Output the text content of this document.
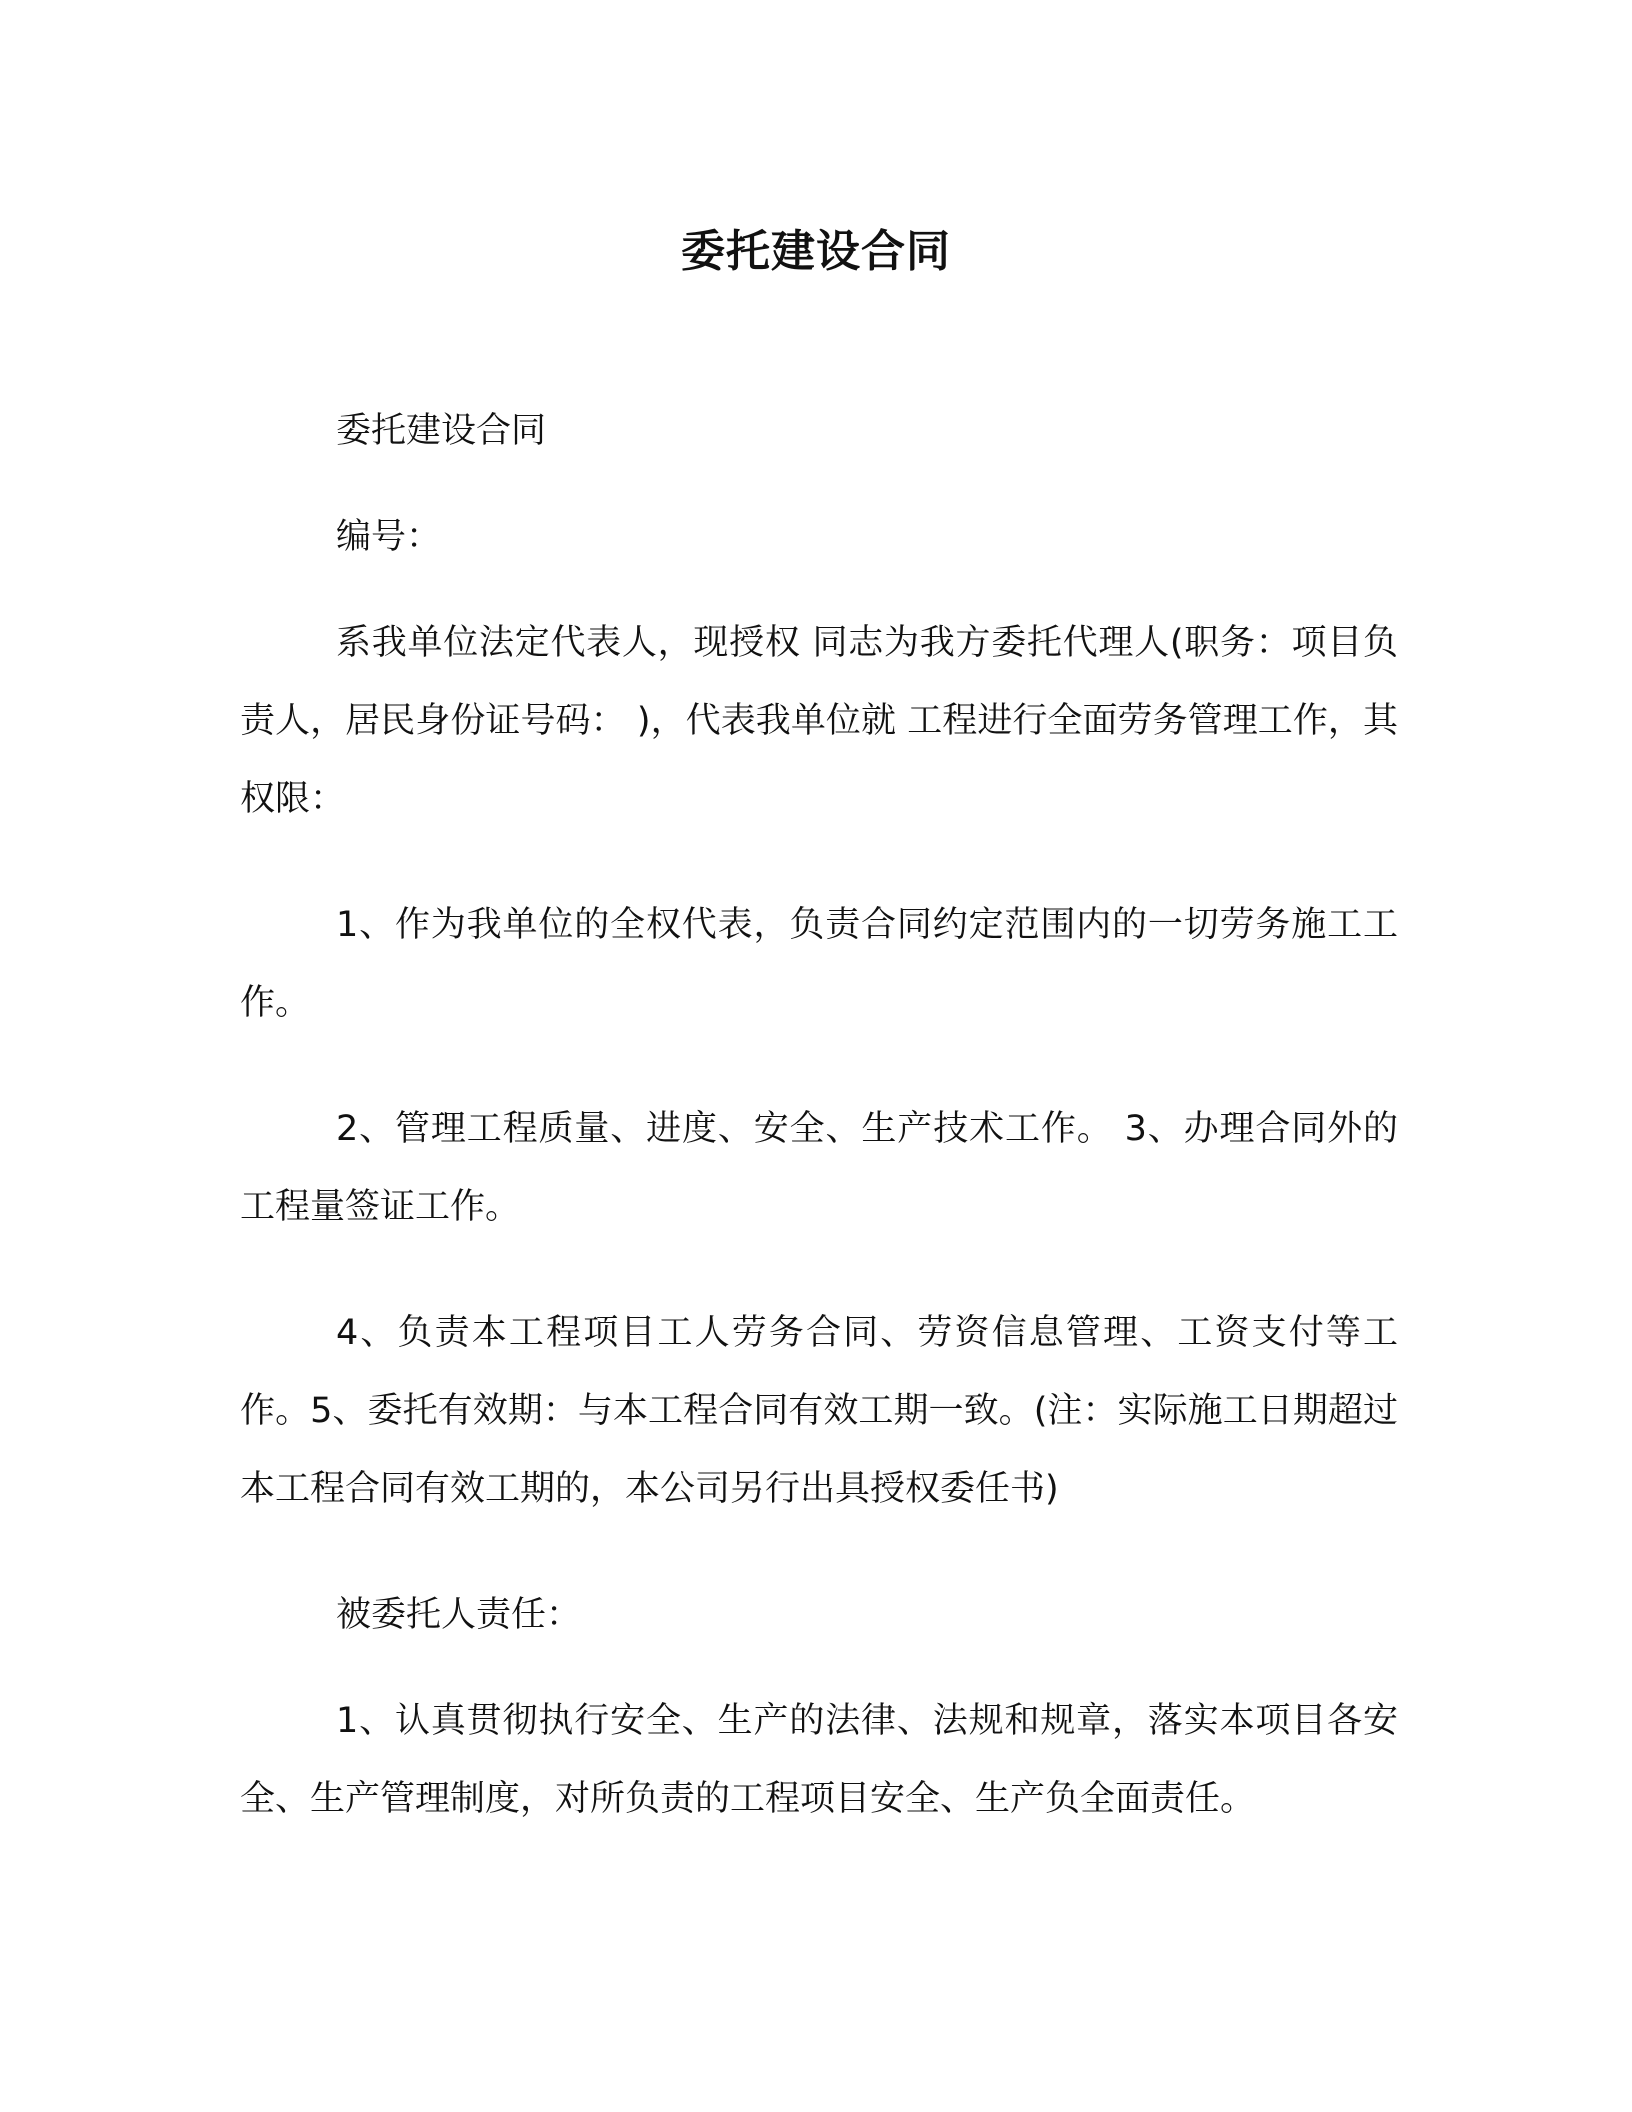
委托建设合同

委托建设合同

编号：

系我单位法定代表人，现授权 同志为我方委托代理人(职务：项目负责人，居民身份证号码： )，代表我单位就 工程进行全面劳务管理工作，其权限：

1、作为我单位的全权代表，负责合同约定范围内的一切劳务施工工作。

2、管理工程质量、进度、安全、生产技术工作。 3、办理合同外的工程量签证工作。

4、负责本工程项目工人劳务合同、劳资信息管理、工资支付等工作。5、委托有效期：与本工程合同有效工期一致。(注：实际施工日期超过本工程合同有效工期的，本公司另行出具授权委任书)

被委托人责任：

1、认真贯彻执行安全、生产的法律、法规和规章，落实本项目各安全、生产管理制度，对所负责的工程项目安全、生产负全面责任。
